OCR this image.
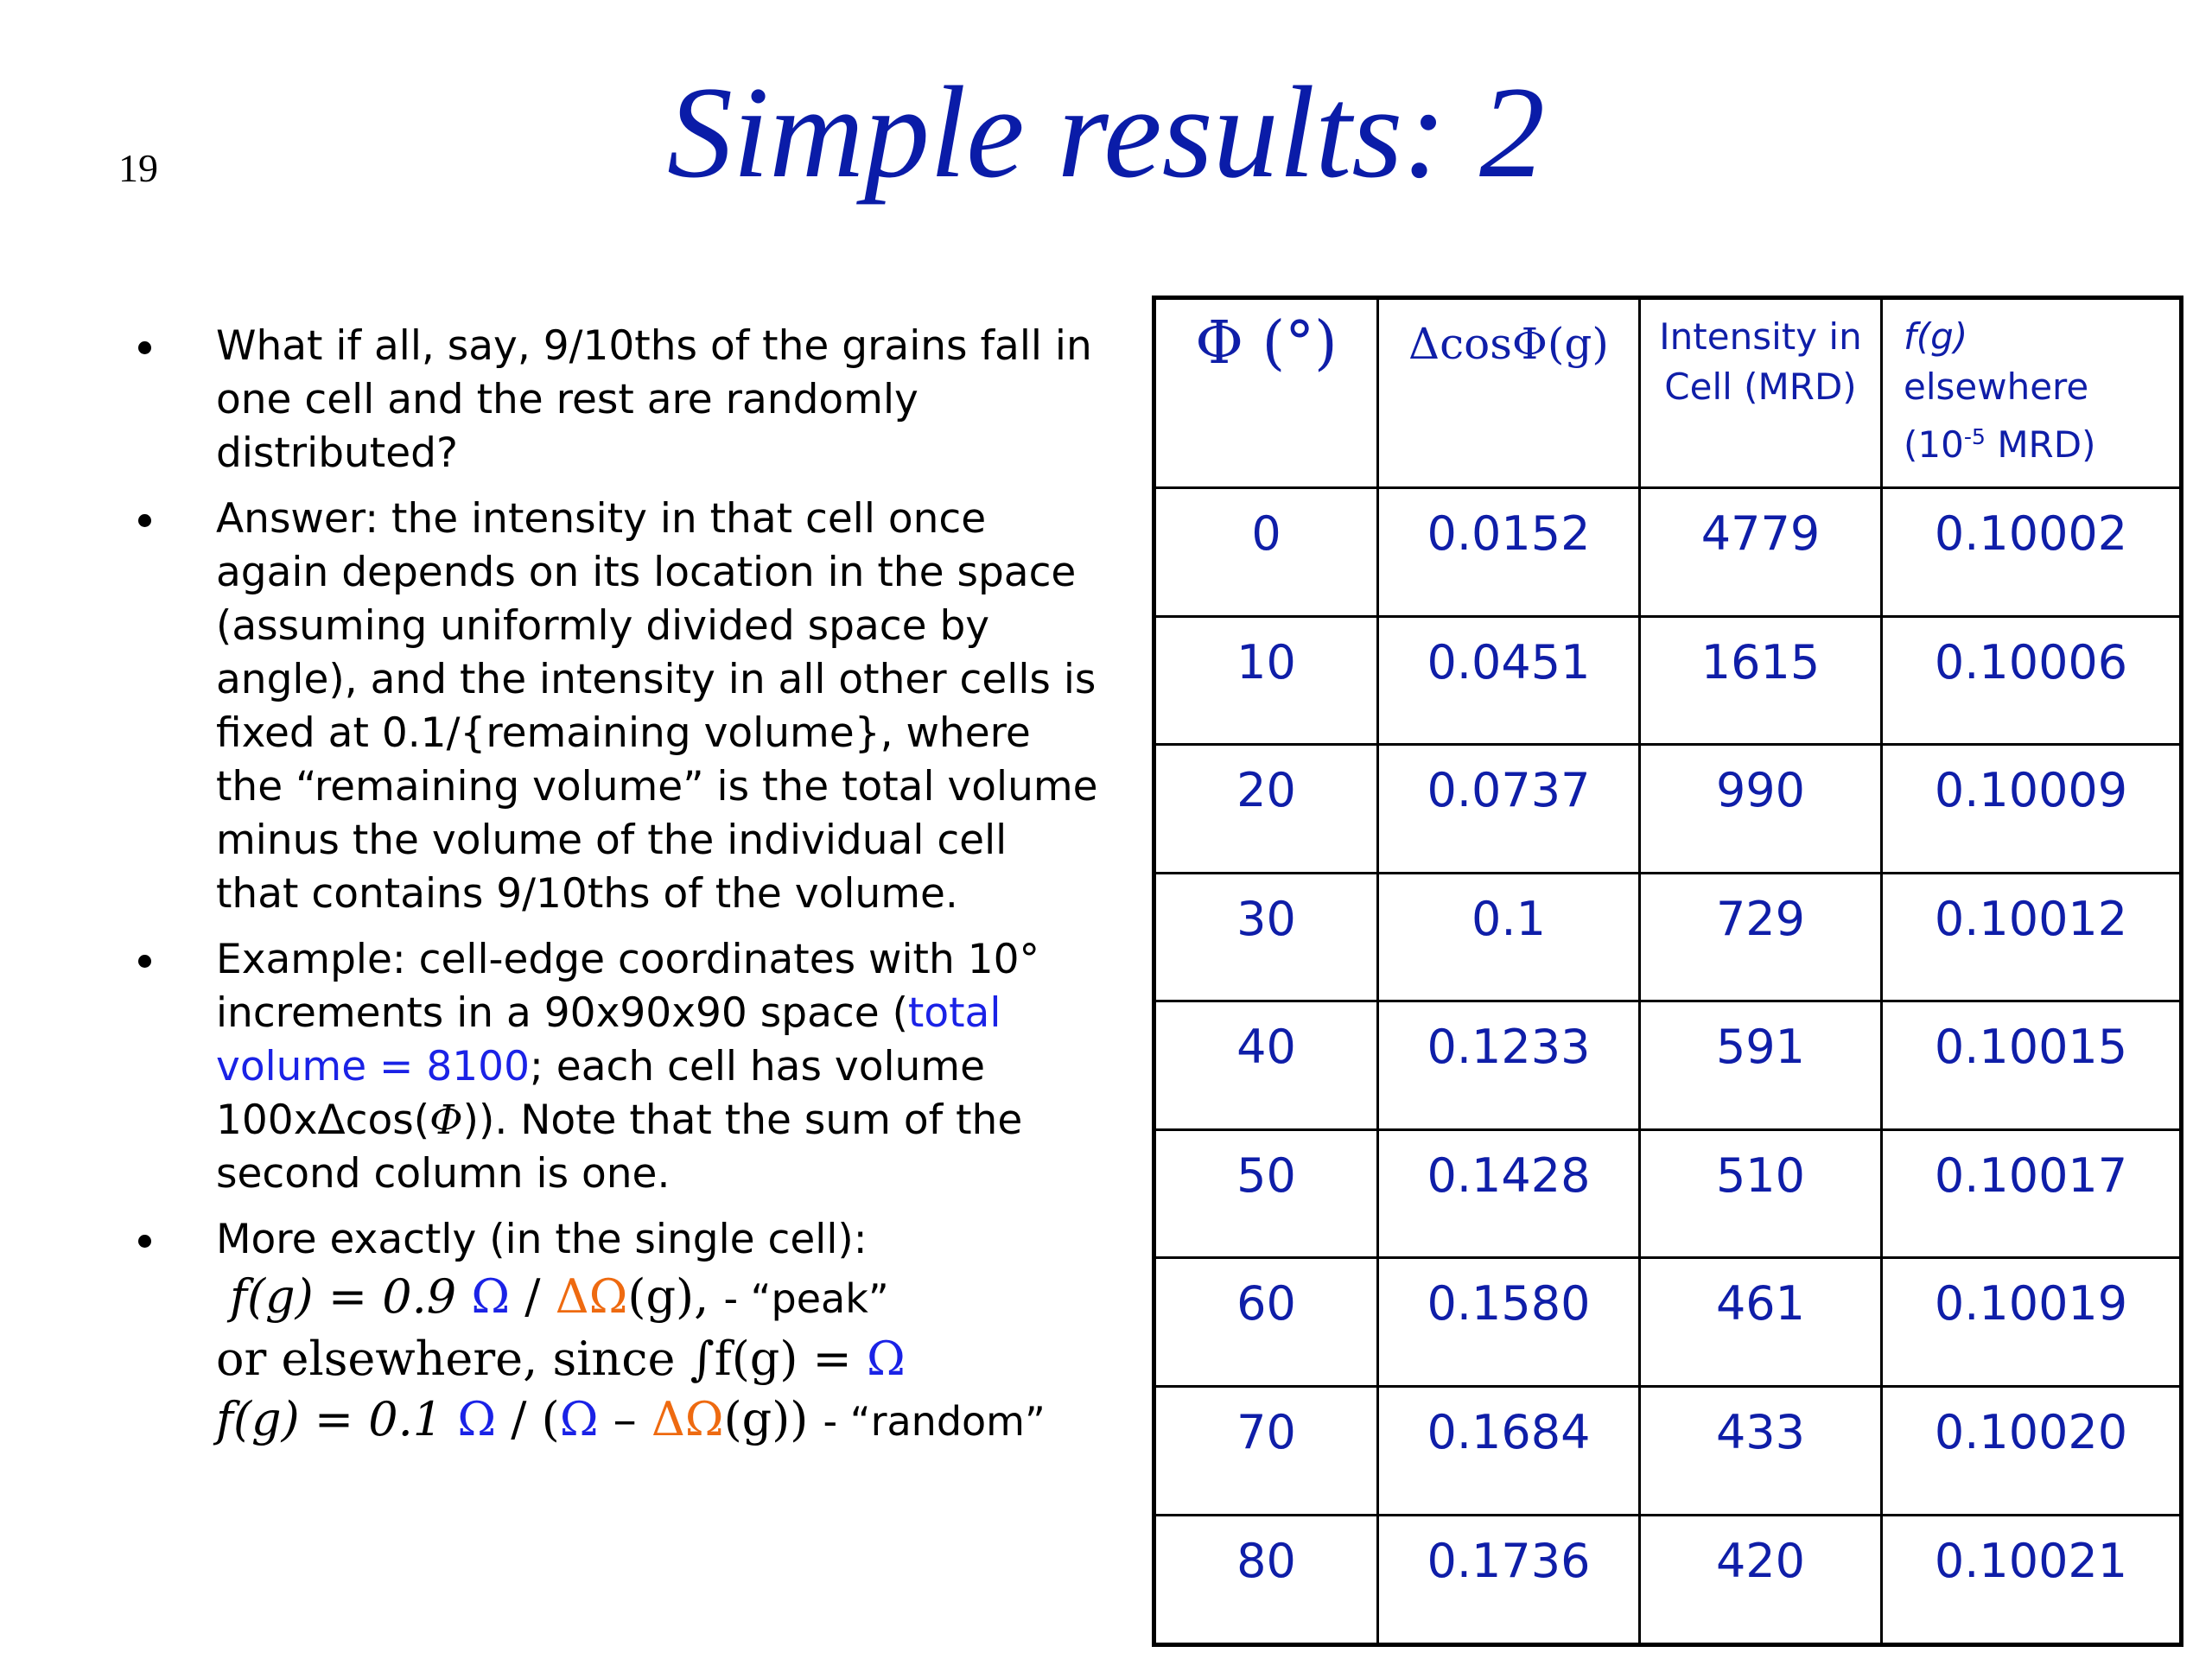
19	Simple results: 2
What if all, say, 9/10ths of the grains fall in one cell and the rest are randomly distributed?
Answer: the intensity in that cell once again depends on its location in the space (assuming uniformly divided space by angle), and the intensity in all other cells is fixed at 0.1/{remaining volume}, where the “remaining volume” is the total volume minus the volume of the individual cell that contains 9/10ths of the volume.
Example: cell-edge coordinates with 10° increments in a 90x90x90 space (total volume = 8100; each cell has volume 100xΔcos(Φ)). Note that the sum of the second column is one.
More exactly (in the single cell):
f(g) = 0.9 Ω / ΔΩ(g), - “peak”
or elsewhere, since ∫f(g) = Ω
f(g) = 0.1 Ω / (Ω – ΔΩ(g)) - “random”
Φ (°)	ΔcosΦ(g)	Intensity in Cell (MRD)	f(g)
elsewhere
($10^{-5}$ MRD)
0	0.0152	4779	0.10002
10	0.0451	1615	0.10006
20	0.0737	990	0.10009
30	0.1	729	0.10012
40	0.1233	591	0.10015
50	0.1428	510	0.10017
60	0.1580	461	0.10019
70	0.1684	433	0.10020
80	0.1736	420	0.10021
